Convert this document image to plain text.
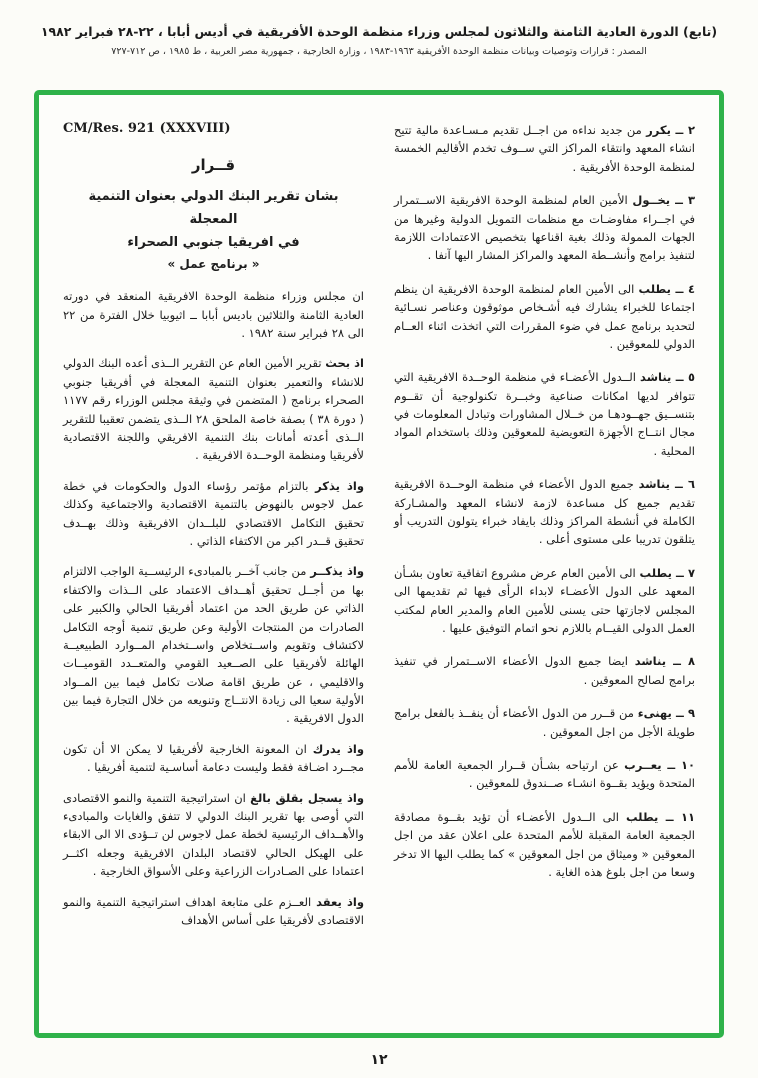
(تابع) الدورة العادية الثامنة والثلاثون لمجلس وزراء منظمة الوحدة الأفريقية في أديس أبابا ، ٢٢-٢٨ فبراير ١٩٨٢
المصدر : قرارات وتوصيات وبيانات منظمة الوحدة الأفريقية ١٩٦٣-١٩٨٣ ، وزارة الخارجية ، جمهورية مصر العربية ، ط ١٩٨٥ ، ص ٧١٢-٧٢٧
٢ ــ يكرر من جديد نداءه من اجــل تقديم مـسـاعدة مالية تتيح انشاء المعهد وانتقاء المراكز التي ســوف تخدم الأقاليم الخمسة لمنظمة الوحدة الأفريقية .
٣ ــ يخــول الأمين العام لمنظمة الوحدة الافريقية الاســتمرار في اجــراء مفاوضـات مع منظمات التمويل الدولية وغيرها من الجهات الممولة وذلك بغية اقناعها بتخصيص الاعتمادات اللازمة لتنفيذ برامج وأنشــطة المعهد والمراكز المشار اليها آنفا .
٤ ــ يطلب الى الأمين العام لمنظمة الوحدة الافريقية ان ينظم اجتماعا للخبراء يشارك فيه أشـخاص موثوقون وعناصر نسـائية لتحديد برنامج عمل في ضوء المقررات التي اتخذت اثناء العــام الدولي للمعوقين .
٥ ــ يناشد الــدول الأعضـاء في منظمة الوحــدة الافريقية التي تتوافر لديها امكانات صناعية وخبــرة تكنولوجية أن تقــوم بتنســيق جهــودهـا من خــلال المشاورات وتبادل المعلومات في مجال انتــاج الأجهزة التعويضية للمعوقين وذلك باستخدام المواد المحلية .
٦ ــ يناشد جميع الدول الأعضاء في منظمة الوحــدة الافريقية تقديم جميع كل مساعدة لازمة لانشاء المعهد والمشـاركة الكاملة في أنشطة المراكز وذلك بايفاد خبراء يتولون التدريب أو يتلقون تدريبا على مستوى أعلى .
٧ ــ يطلب الى الأمين العام عرض مشروع اتفاقية تعاون بشـأن المعهد على الدول الأعضـاء لابداء الرأى فيها ثم تقديمها الى المجلس لاجازتها حتى يسنى للأمين العام والمدير العام لمكتب العمل الدولى القيــام باللازم نحو اتمام التوفيق عليها .
٨ ــ يناشد ايضا جميع الدول الأعضاء الاســتمرار في تنفيذ برامج لصالح المعوقين .
٩ ــ يهنىء من قــرر من الدول الأعضاء أن ينفــذ بالفعل برامج طويلة الأجل من اجل المعوقين .
١٠ ــ يعــرب عن ارتياحه بشـأن قــرار الجمعية العامة للأمم المتحدة ويؤيد بقــوة انشـاء صــندوق للمعوقين .
١١ ــ يطلب الى الــدول الأعضـاء أن تؤيد بقــوة مصادقة الجمعية العامة المقبلة للأمم المتحدة على اعلان عقد من اجل المعوقين « وميثاق من اجل المعوقين » كما يطلب اليها الا تدخر وسعا من اجل بلوغ هذه الغاية .
CM/Res. 921 (XXXVIII)
قــرار
بشان تقرير البنك الدولي بعنوان التنمية المعجلة
في افريقيا جنوبي الصحراء
« برنامج عمل »

ان مجلس وزراء منظمة الوحدة الافريقية المنعقد في دورته العادية الثامنة والثلاثين باديس أبابا ــ اثيوبيا خلال الفترة من ٢٢ الى ٢٨ فبراير سنة ١٩٨٢ .

اذ بحث تقرير الأمين العام عن التقرير الــذى أعده البنك الدولي للانشاء والتعمير بعنوان التنمية المعجلة في أفريقيا جنوبي الصحراء برنامج ( المتضمن في وثيقة مجلس الوزراء رقم ١١٧٧ ( دورة ٣٨ ) بصفة خاصة الملحق ٢٨ الــذى يتضمن تعقيبا للتقرير الــذى أعدته أمانات بنك التنمية الافريقي واللجنة الاقتصادية لأفريقيا ومنظمة الوحــدة الافريقية .

واذ يذكر بالتزام مؤتمر رؤساء الدول والحكومات في خطة عمل لاجوس بالنهوض بالتنمية الاقتصادية والاجتماعية وكذلك تحقيق التكامل الاقتصادي للبلــدان الافريقية وذلك بهــدف تحقيق قــدر اكبر من الاكتفاء الذاتي .

واذ يذكــر من جانب آخــر بالمبادىء الرئيســية الواجب الالتزام بها من أجــل تحقيق أهــداف الاعتماد على الــذات والاكتفاء الذاتي عن طريق الحد من اعتماد أفريقيا الحالي والكبير على الصادرات من المنتجات الأولية وعن طريق تنمية أوجه التكامل لاكتشاف وتقويم واســتخلاص واســتخدام المــوارد الطبيعيــة الهائلة لأفريقيا على الصــعيد القومي والمتعــدد القوميــات والاقليمي ، عن طريق اقامة صلات تكامل فيما بين المــواد الأولية سعيا الى زيادة الانتــاج وتنويعه من خلال التجارة فيما بين الدول الافريقية .

واذ يدرك ان المعونة الخارجية لأفريقيا لا يمكن الا أن تكون مجــرد اضـافة فقط وليست دعامة أساسـية لتنمية أفريقيا .

واذ يسجل بقلق بالغ ان استراتيجية التنمية والنمو الاقتصادى التي أوصى بها تقرير البنك الدولي لا تتفق والغايات والمبادىء والأهــداف الرئيسية لخطة عمل لاجوس لن تــؤدى الا الى الابقاء على الهيكل الحالي لاقتصاد البلدان الافريقية وجعله اكثــر اعتمادا على الصـادرات الزراعية وعلى الأسواق الخارجية .

واذ يعقد العــزم على متابعة اهداف استراتيجية التنمية والنمو الاقتصادى لأفريقيا على أساس الأهداف

١٢
